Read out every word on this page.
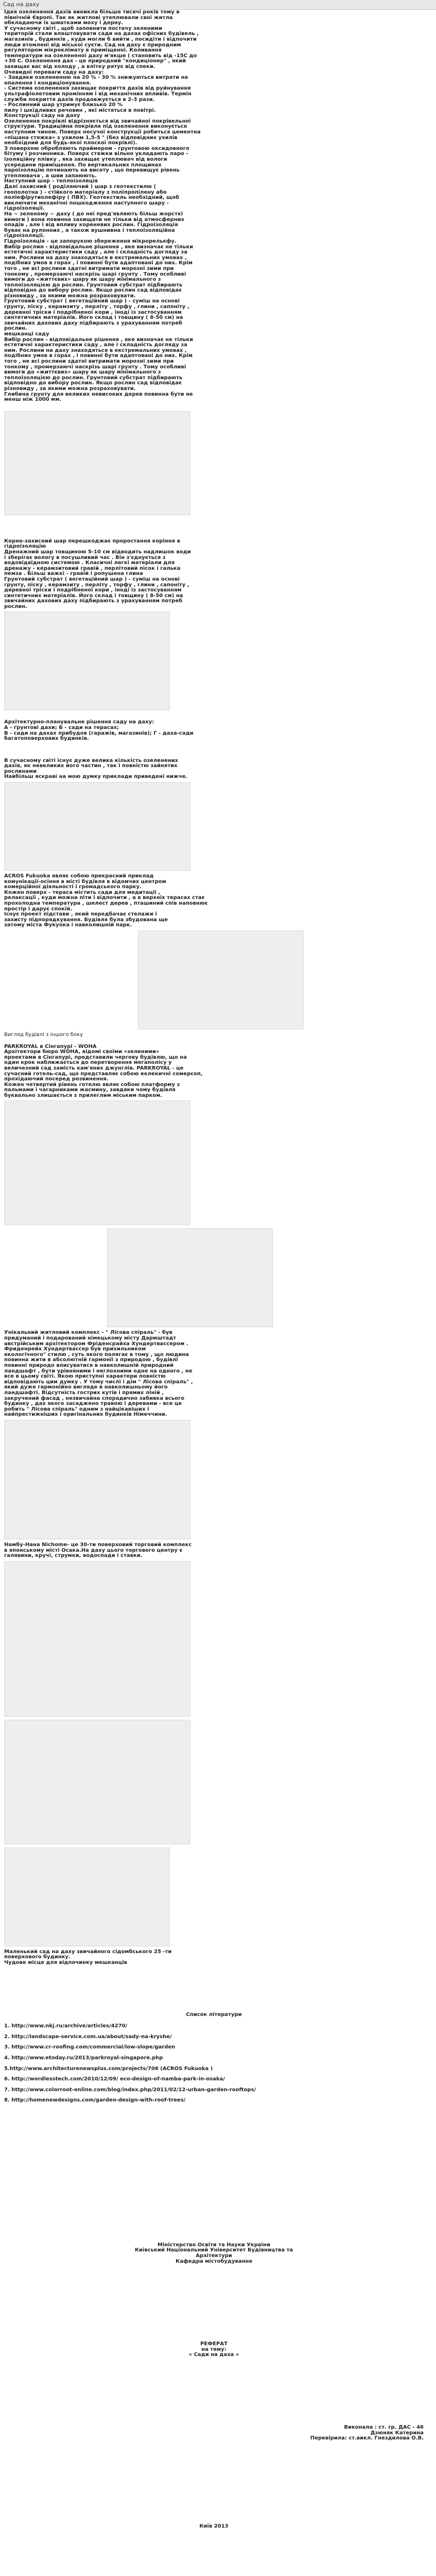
Сад на даху

Ідея озеленення дахів виникла більше тисячі років тому в

північній Європі. Так як житлові утеплювали свої житла

обкладаючи їх шматками моху і дерну.

У сучасному світі , щоб заповнити постачу зеленими

територій стали влаштовувати сади на дахах офісних будівель ,

магазинів , будинків , куди могли б вийти , посидіти і відпочити

люди втомлені від міської суєти. Сад на даху є природним

регулятором мікроклімату в приміщенні. Коливання

температури на озелененої даху м'якше ( становить від -15С до

+30 С. Озеленення дах - це природний "кондиціонер" , який

захищає вас від холоду , а влітку рятує від спеки.

Очевидні переваги саду на даху:

- Завдяки озелененню на 20 % - 30 % знижуються витрати на

опалення і кондиціонування.

- Система озеленення захищає покриття дахів від руйнування

ультрафіолетовим промінням і від механічних впливів. Термін

служби покриття дахів продовжується в 2-3 рази.

- Рослинний шар утримує близько 20 %

пилу і шкідливих речовин , які містяться в повітрі.

Конструкції саду на даху

Озеленення покрівлі відрізняється від звичайної покрівельної

структури. Традиційна покрівля під озеленення виконується

наступним чином. Поверх несучої конструкції робиться цементна

«пішана стяжка» з ухилом 1,5-5 ° (без відповідних ухилів

необхідний для будь-якої плоскої покрівлі).

З поверхню обробляють праймером - грунтовою оксидовного

бітуму і розчинника. Поверх стяжки вільно укладають паро -

ізоляційну плівку , яка захищає утеплювач від вологи

усередини приміщення. По вертикальних площинах

пароізоляцію починають на висоту , що перевищує рівень

утеплювача , а шви запаюють.

Наступний шар – теплоізоляція

Далі захисний ( роділяючий ) шар з геотекстилю (

геополотна ) - стійкого матеріалу з поліпропілену або

поліефірутиолефіру ( ПВХ). Геотекстиль необхідний, щоб

виключити механічні пошкодження наступного шару -

гідроізоляції.

На ~ зеленому ~ даху ( до неї пред'являють більш жорсткі

вимоги ) вона повинна захищати не тільки від атмосферних

опадів , але і від впливу кореневих рослин. Гідроізоляція

буває на рулонних , а також вушнивна і теплоізоляційна

гідроізоляції.

Гідроізоляція - це запорукою збереження мікрорельєфу.

Вибір рослин - відповідальне рішення , яке визначає не тільки

естетичні характеристики саду , але і складність догляду за

ним. Рослини на даху знаходяться в екстремальних умовах ,

подібних умов в горах , і повинні бути адаптовані до них. Крім

того , не всі рослини здатні витримати морозні зими при

тонкому , промерзаючі наскрізь шарі грунту . Тому особливі

вимоги до «життєвих» шару як шару мінімального з

теплоізоляцією до рослин. Грунтовий субстрат підбирають

відповідно до вибору рослин. Якщо рослин сад відповідає

різновиду , за якими можна розраховувати.

Грунтовий субстрат ( вегетаційний шар ) - суміш на основі

грунту, піску , керамзиту , перліту , торфу , глини , сапоніту ,

деревної тріски і подрібненої кори , іноді із застосуванням

синтетичних матеріалів. Його склад і товщину ( 8-50 см) на

звичайних дахових даху підбирають з урахуванням потреб

рослин.

мешканці саду

Вибір рослин - відповідальне рішення , яке визначає не тільки

естетичні характеристики саду , але і складність догляду за

ним. Рослини на даху знаходяться в екстремальних умовах ,

подібних умов в горах , і повинні бути адаптовані до них. Крім

того , не всі рослини здатні витримати морозні зими при

тонкому , промерзаючі наскрізь шарі грунту . Тому особливі

вимоги до «життєвих» шару як шару мінімального з

теплоізоляцією до рослин. Грунтовий субстрат підбирають

відповідно до вибору рослин. Якщо рослин сад відповідає

різновиду , за якими можна розраховувати.

Глибина грунту для великих невисоких дерев повинна бути не

менш ніж 1000 мм.

Корне-захисний шар перешкоджає проростання коріння в

гідроізоляцію

Дренажний шар товщиною 5-10 см відводить надлишок води

і зберігає вологу в посушливий час . Він з'єднується з

водовідвідною системою . Класичні легкі матеріали для

дренажу - керамзитовий гравій , перлітовий пісок і галька

пемза . Більш важкі - гравій і ропушена глина

Грунтовий субстрат ( вегетаційний шар ) - суміш на основі

грунту, піску , керамзиту , перліту , торфу , глини , сапоніту ,

деревної тріски і подрібненої кори , іноді із застосуванням

синтетичних матеріалів. Його склад і товщину ( 8-50 см) на

звичайних дахових даху підбирають з урахуванням потреб

рослин.

Архітектурно-планувальне рішення саду на даху:

А - ґрунтові дахи; Б - сади на терасах;

В - сади на дахах прибудов (гаражів, магазинів); Г - даха-сади

багатоповерхових будинків.

В сучасному світі існує дуже велика кількість озеленених

дахів, як невеликих його частин , так і повністю зайнятих

рослинами

Найбільш яскраві на мою думку приклади приведені нижче.

ACROS Fukuoka являє собою прекрасний приклад

комунікації-осіння в місті будівля в відомчих центром

комерційної діяльності і громадського парку.

Кожен поверх - тераса містить сади для медитації ,

релаксації , куди можна піти і відпочити , а в верхніх терасах стає

прохолодна температура , шелест дерев , пташиний спів наповнює

простір і дарує спокій.

Існує проект підстави , який передбачає стелажи і

захисту підпорядкування. Будівля була збудована ще

затому міста Фукуока і навколишній парк.

Вигляд будівлі з іншого боку

PARKROYAL в Сінгапурі - WOHA

Архітектори бюро WOHA, відомі своїми «зеленими»

проектами в Сінгапурі, представили чергову будівлю, що на

один крок наближається до перетворення мегаполісу у

величезний сад замість кам'яних джунглів. PARKROYAL - це

сучасний готель-сад, що представляє собою еклекичні сомерсоп,

прохідаючий посеред розвинення.

Кожен четвертий рівень готелю являє собою платформу з

пальмами і чагарниками жасмину, завдяки чому будівля

буквально злишається з прилеглим міським парком.

Унікальний житловий комплекс - " Лісова спіраль" - був

придуманий і подарований німецькому місту Дармштадт

австрійським архітектором Фріденсрайха Хундертвассером .

Фриденрейх Хундертвассер був прихильником

екологічного" стилю , суть якого полягає в тому , що людина

повинна жити в абсолютній гармонії з природою , будівлі

повинні природо вписуватися в навколишній природний

ландшафт , бути урівняними і неглохними одне на одного , не

все в цьому світі. Якою приступні характери повністю

відповідають цим думку . У тому числі і дім " Лісова спіраль" ,

який дуже гармонійно вигляде в навколишньому його

ландшафті. Відсутність гострих кутів і прямих ліній ,

закручений фасад , незвичайна спорадично забивка всього

будинку , дах якого засаджено травою і деревами - все це

робить " Лісова спіраль" одним з найцікавіших і

найпрестижніших і оригінальних будинків Німеччини.

Намбу-Нана Nichome- це 30-ти поверховий торговий комплекс

в японському місті Осака.На даху цього торгового центру є

галявини, кручі, струмки, водоспади і ставки.

Маленький сад на даху звичайного сідомбського 25 -ти

поверхового будинку.

Чудове місце для відпочинку мешканців

Список літератури

1. http://www.nkj.ru/archive/articles/4270/

2. http://landscape-service.com.ua/about/sady-na-kryshe/

3. http://www.cr-roofing.com/commercial/low-slope/garden

4. http://www.etoday.ru/2013/parkroyal-singapore.php

5.http://www.architecturenewsplus.com/projects/706 (ACROS Fukuoka )

6. http://wordlesstech.com/2010/12/09/ eco-design-of-namba-park-in-osaka/

7. http://www.colorroot-online.com/blog/index.php/2011/02/12-urban-garden-rooftops/

8. http://homenewdesigns.com/garden-design-with-roof-trees/

Міністерство Освіти та Науки України

Київський Національний Університет Будівництва та

Архітектури

Кафедра містобудування

РЕФЕРАТ

на тему:

« Сади на даха »

Виконала : ст. гр. ДАС - 46

Дзюняк Катерина

Перевірила: ст.викл. Гнездилова О.В.

Київ 2013
